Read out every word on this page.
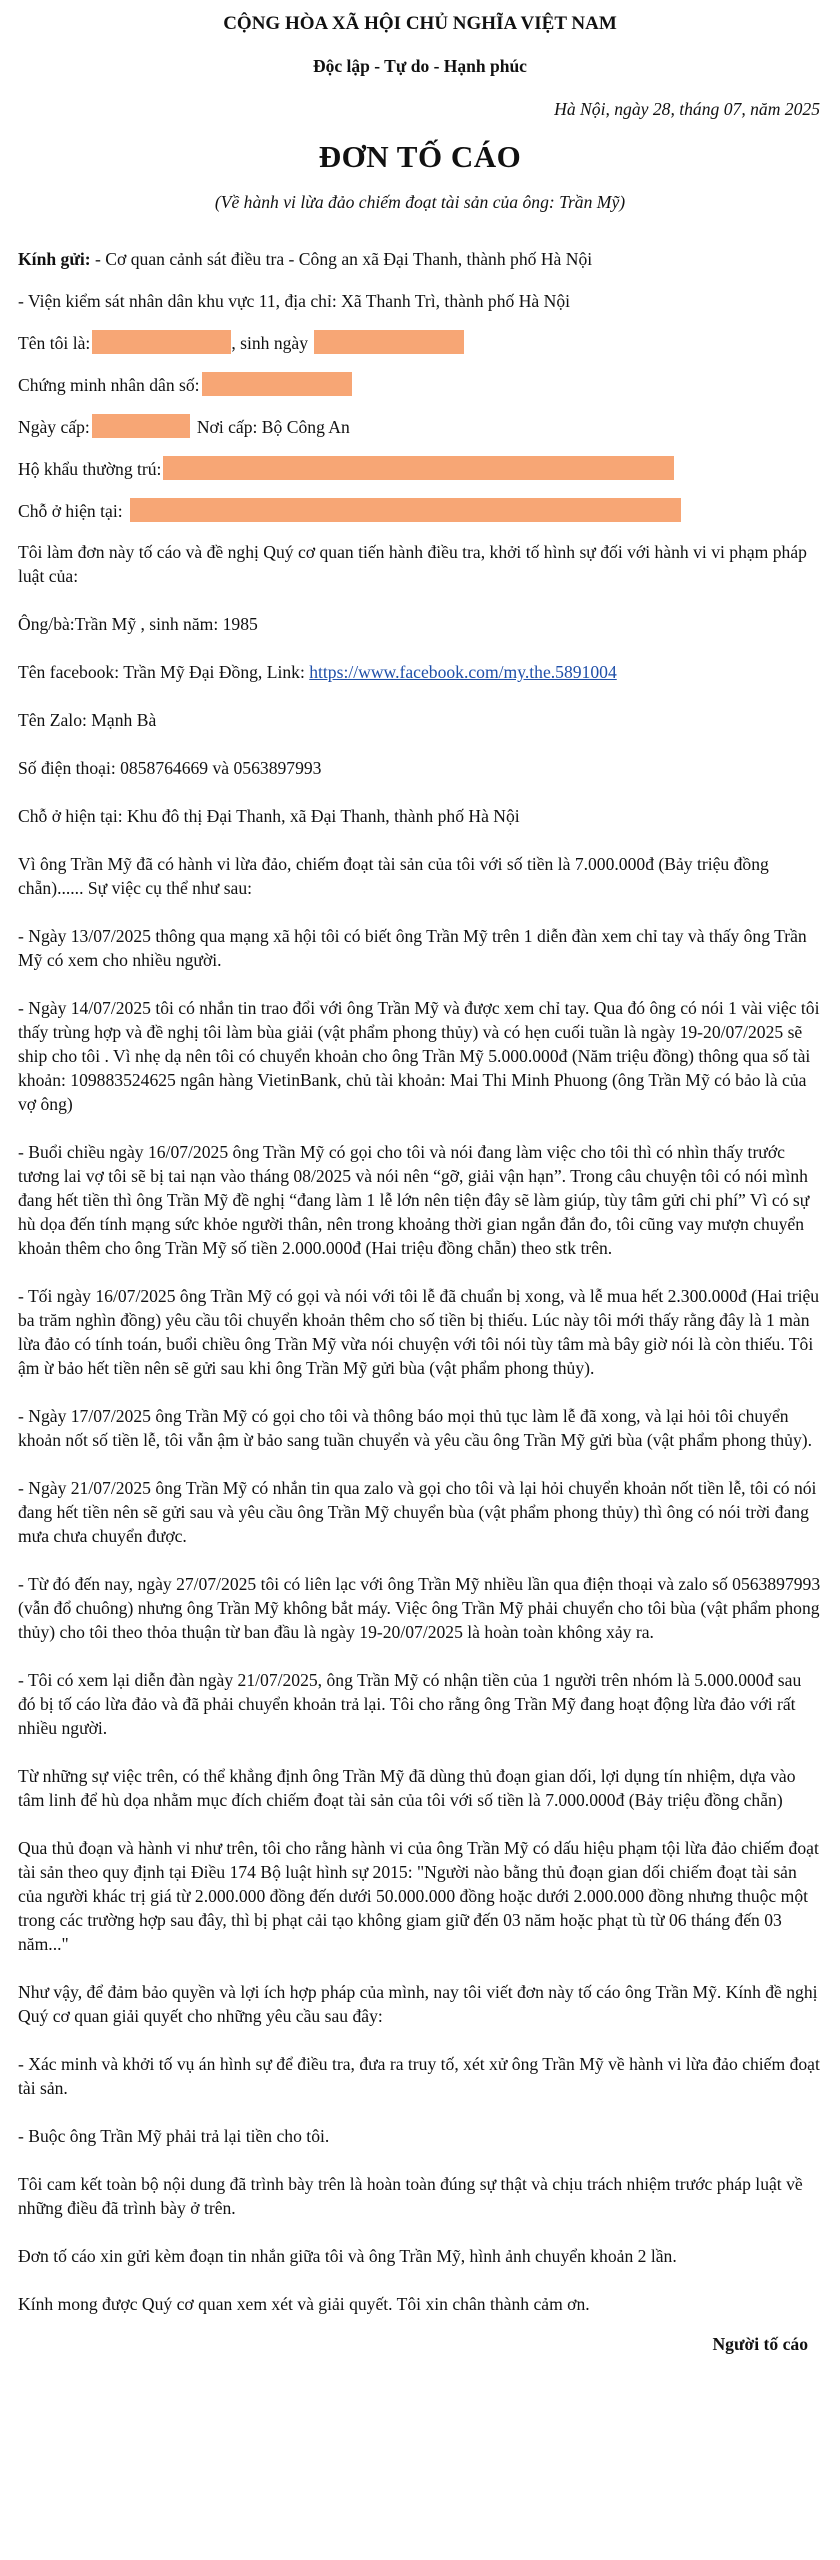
CỘNG HÒA XÃ HỘI CHỦ NGHĨA VIỆT NAM
Độc lập - Tự do - Hạnh phúc
Hà Nội, ngày 28, tháng 07, năm 2025
ĐƠN TỐ CÁO
(Về hành vi lừa đảo chiếm đoạt tài sản của ông: Trần Mỹ)

Kính gửi: - Cơ quan cảnh sát điều tra - Công an xã Đại Thanh, thành phố Hà Nội

- Viện kiểm sát nhân dân khu vực 11, địa chỉ: Xã Thanh Trì, thành phố Hà Nội

Tên tôi là:	, sinh ngày

Chứng minh nhân dân số:

Ngày cấp:	Nơi cấp: Bộ Công An

Hộ khẩu thường trú:

Chỗ ở hiện tại:

Tôi làm đơn này tố cáo và đề nghị Quý cơ quan tiến hành điều tra, khởi tố hình sự đối với hành vi vi phạm pháp luật của:

Ông/bà:Trần Mỹ , sinh năm: 1985

Tên facebook: Trần Mỹ Đại Đồng, Link: https://www.facebook.com/my.the.5891004

Tên Zalo: Mạnh Bà

Số điện thoại: 0858764669 và 0563897993

Chỗ ở hiện tại: Khu đô thị Đại Thanh, xã Đại Thanh, thành phố Hà Nội

Vì ông Trần Mỹ đã có hành vi lừa đảo, chiếm đoạt tài sản của tôi với số tiền là 7.000.000đ (Bảy triệu đồng chẵn)...... Sự việc cụ thể như sau:

- Ngày 13/07/2025 thông qua mạng xã hội tôi có biết ông Trần Mỹ trên 1 diễn đàn xem chỉ tay và thấy ông Trần Mỹ có xem cho nhiều người.

- Ngày 14/07/2025 tôi có nhắn tin trao đổi với ông Trần Mỹ và được xem chỉ tay. Qua đó ông có nói 1 vài việc tôi thấy trùng hợp và đề nghị tôi làm bùa giải (vật phẩm phong thủy) và có hẹn cuối tuần là ngày 19-20/07/2025 sẽ ship cho tôi . Vì nhẹ dạ nên tôi có chuyển khoản cho ông Trần Mỹ 5.000.000đ (Năm triệu đồng) thông qua số tài khoản: 109883524625 ngân hàng VietinBank, chủ tài khoản: Mai Thi Minh Phuong (ông Trần Mỹ có bảo là của vợ ông)

- Buổi chiều ngày 16/07/2025 ông Trần Mỹ có gọi cho tôi và nói đang làm việc cho tôi thì có nhìn thấy trước tương lai vợ tôi sẽ bị tai nạn vào tháng 08/2025 và nói nên “gỡ, giải vận hạn”. Trong câu chuyện tôi có nói mình đang hết tiền thì ông Trần Mỹ đề nghị “đang làm 1 lễ lớn nên tiện đây sẽ làm giúp, tùy tâm gửi chi phí” Vì có sự hù dọa đến tính mạng sức khỏe người thân, nên trong khoảng thời gian ngắn đắn đo, tôi cũng vay mượn chuyển khoản thêm cho ông Trần Mỹ số tiền 2.000.000đ (Hai triệu đồng chẵn) theo stk trên.

- Tối ngày 16/07/2025 ông Trần Mỹ có gọi và nói với tôi lễ đã chuẩn bị xong, và lễ mua hết 2.300.000đ (Hai triệu ba trăm nghìn đồng) yêu cầu tôi chuyển khoản thêm cho số tiền bị thiếu. Lúc này tôi mới thấy rằng đây là 1 màn lừa đảo có tính toán, buổi chiều ông Trần Mỹ vừa nói chuyện với tôi nói tùy tâm mà bây giờ nói là còn thiếu. Tôi ậm ừ bảo hết tiền nên sẽ gửi sau khi ông Trần Mỹ gửi bùa (vật phẩm phong thủy).

- Ngày 17/07/2025 ông Trần Mỹ có gọi cho tôi và thông báo mọi thủ tục làm lễ đã xong, và lại hỏi tôi chuyển khoản nốt số tiền lễ, tôi vẫn ậm ừ bảo sang tuần chuyển và yêu cầu ông Trần Mỹ gửi bùa (vật phẩm phong thủy).

- Ngày 21/07/2025 ông Trần Mỹ có nhắn tin qua zalo và gọi cho tôi và lại hỏi chuyển khoản nốt tiền lễ, tôi có nói đang hết tiền nên sẽ gửi sau và yêu cầu ông Trần Mỹ chuyển bùa (vật phẩm phong thủy) thì ông có nói trời đang mưa chưa chuyển được.

- Từ đó đến nay, ngày 27/07/2025 tôi có liên lạc với ông Trần Mỹ nhiều lần qua điện thoại và zalo số 0563897993 (vẫn đổ chuông) nhưng ông Trần Mỹ không bắt máy. Việc ông Trần Mỹ phải chuyển cho tôi bùa (vật phẩm phong thủy) cho tôi theo thỏa thuận từ ban đầu là ngày 19-20/07/2025 là hoàn toàn không xảy ra.

- Tôi có xem lại diễn đàn ngày 21/07/2025, ông Trần Mỹ có nhận tiền của 1 người trên nhóm là 5.000.000đ sau đó bị tố cáo lừa đảo và đã phải chuyển khoản trả lại. Tôi cho rằng ông Trần Mỹ đang hoạt động lừa đảo với rất nhiều người.

Từ những sự việc trên, có thể khẳng định ông Trần Mỹ đã dùng thủ đoạn gian dối, lợi dụng tín nhiệm, dựa vào tâm linh để hù dọa nhằm mục đích chiếm đoạt tài sản của tôi với số tiền là 7.000.000đ (Bảy triệu đồng chẵn)

Qua thủ đoạn và hành vi như trên, tôi cho rằng hành vi của ông Trần Mỹ có dấu hiệu phạm tội lừa đảo chiếm đoạt tài sản theo quy định tại Điều 174 Bộ luật hình sự 2015: "Người nào bằng thủ đoạn gian dối chiếm đoạt tài sản của người khác trị giá từ 2.000.000 đồng đến dưới 50.000.000 đồng hoặc dưới 2.000.000 đồng nhưng thuộc một trong các trường hợp sau đây, thì bị phạt cải tạo không giam giữ đến 03 năm hoặc phạt tù từ 06 tháng đến 03 năm..."

Như vậy, để đảm bảo quyền và lợi ích hợp pháp của mình, nay tôi viết đơn này tố cáo ông Trần Mỹ. Kính đề nghị Quý cơ quan giải quyết cho những yêu cầu sau đây:

- Xác minh và khởi tố vụ án hình sự để điều tra, đưa ra truy tố, xét xử ông Trần Mỹ về hành vi lừa đảo chiếm đoạt tài sản.

- Buộc ông Trần Mỹ phải trả lại tiền cho tôi.

Tôi cam kết toàn bộ nội dung đã trình bày trên là hoàn toàn đúng sự thật và chịu trách nhiệm trước pháp luật về những điều đã trình bày ở trên.

Đơn tố cáo xin gửi kèm đoạn tin nhắn giữa tôi và ông Trần Mỹ, hình ảnh chuyển khoản 2 lần.

Kính mong được Quý cơ quan xem xét và giải quyết. Tôi xin chân thành cảm ơn.

Người tố cáo
